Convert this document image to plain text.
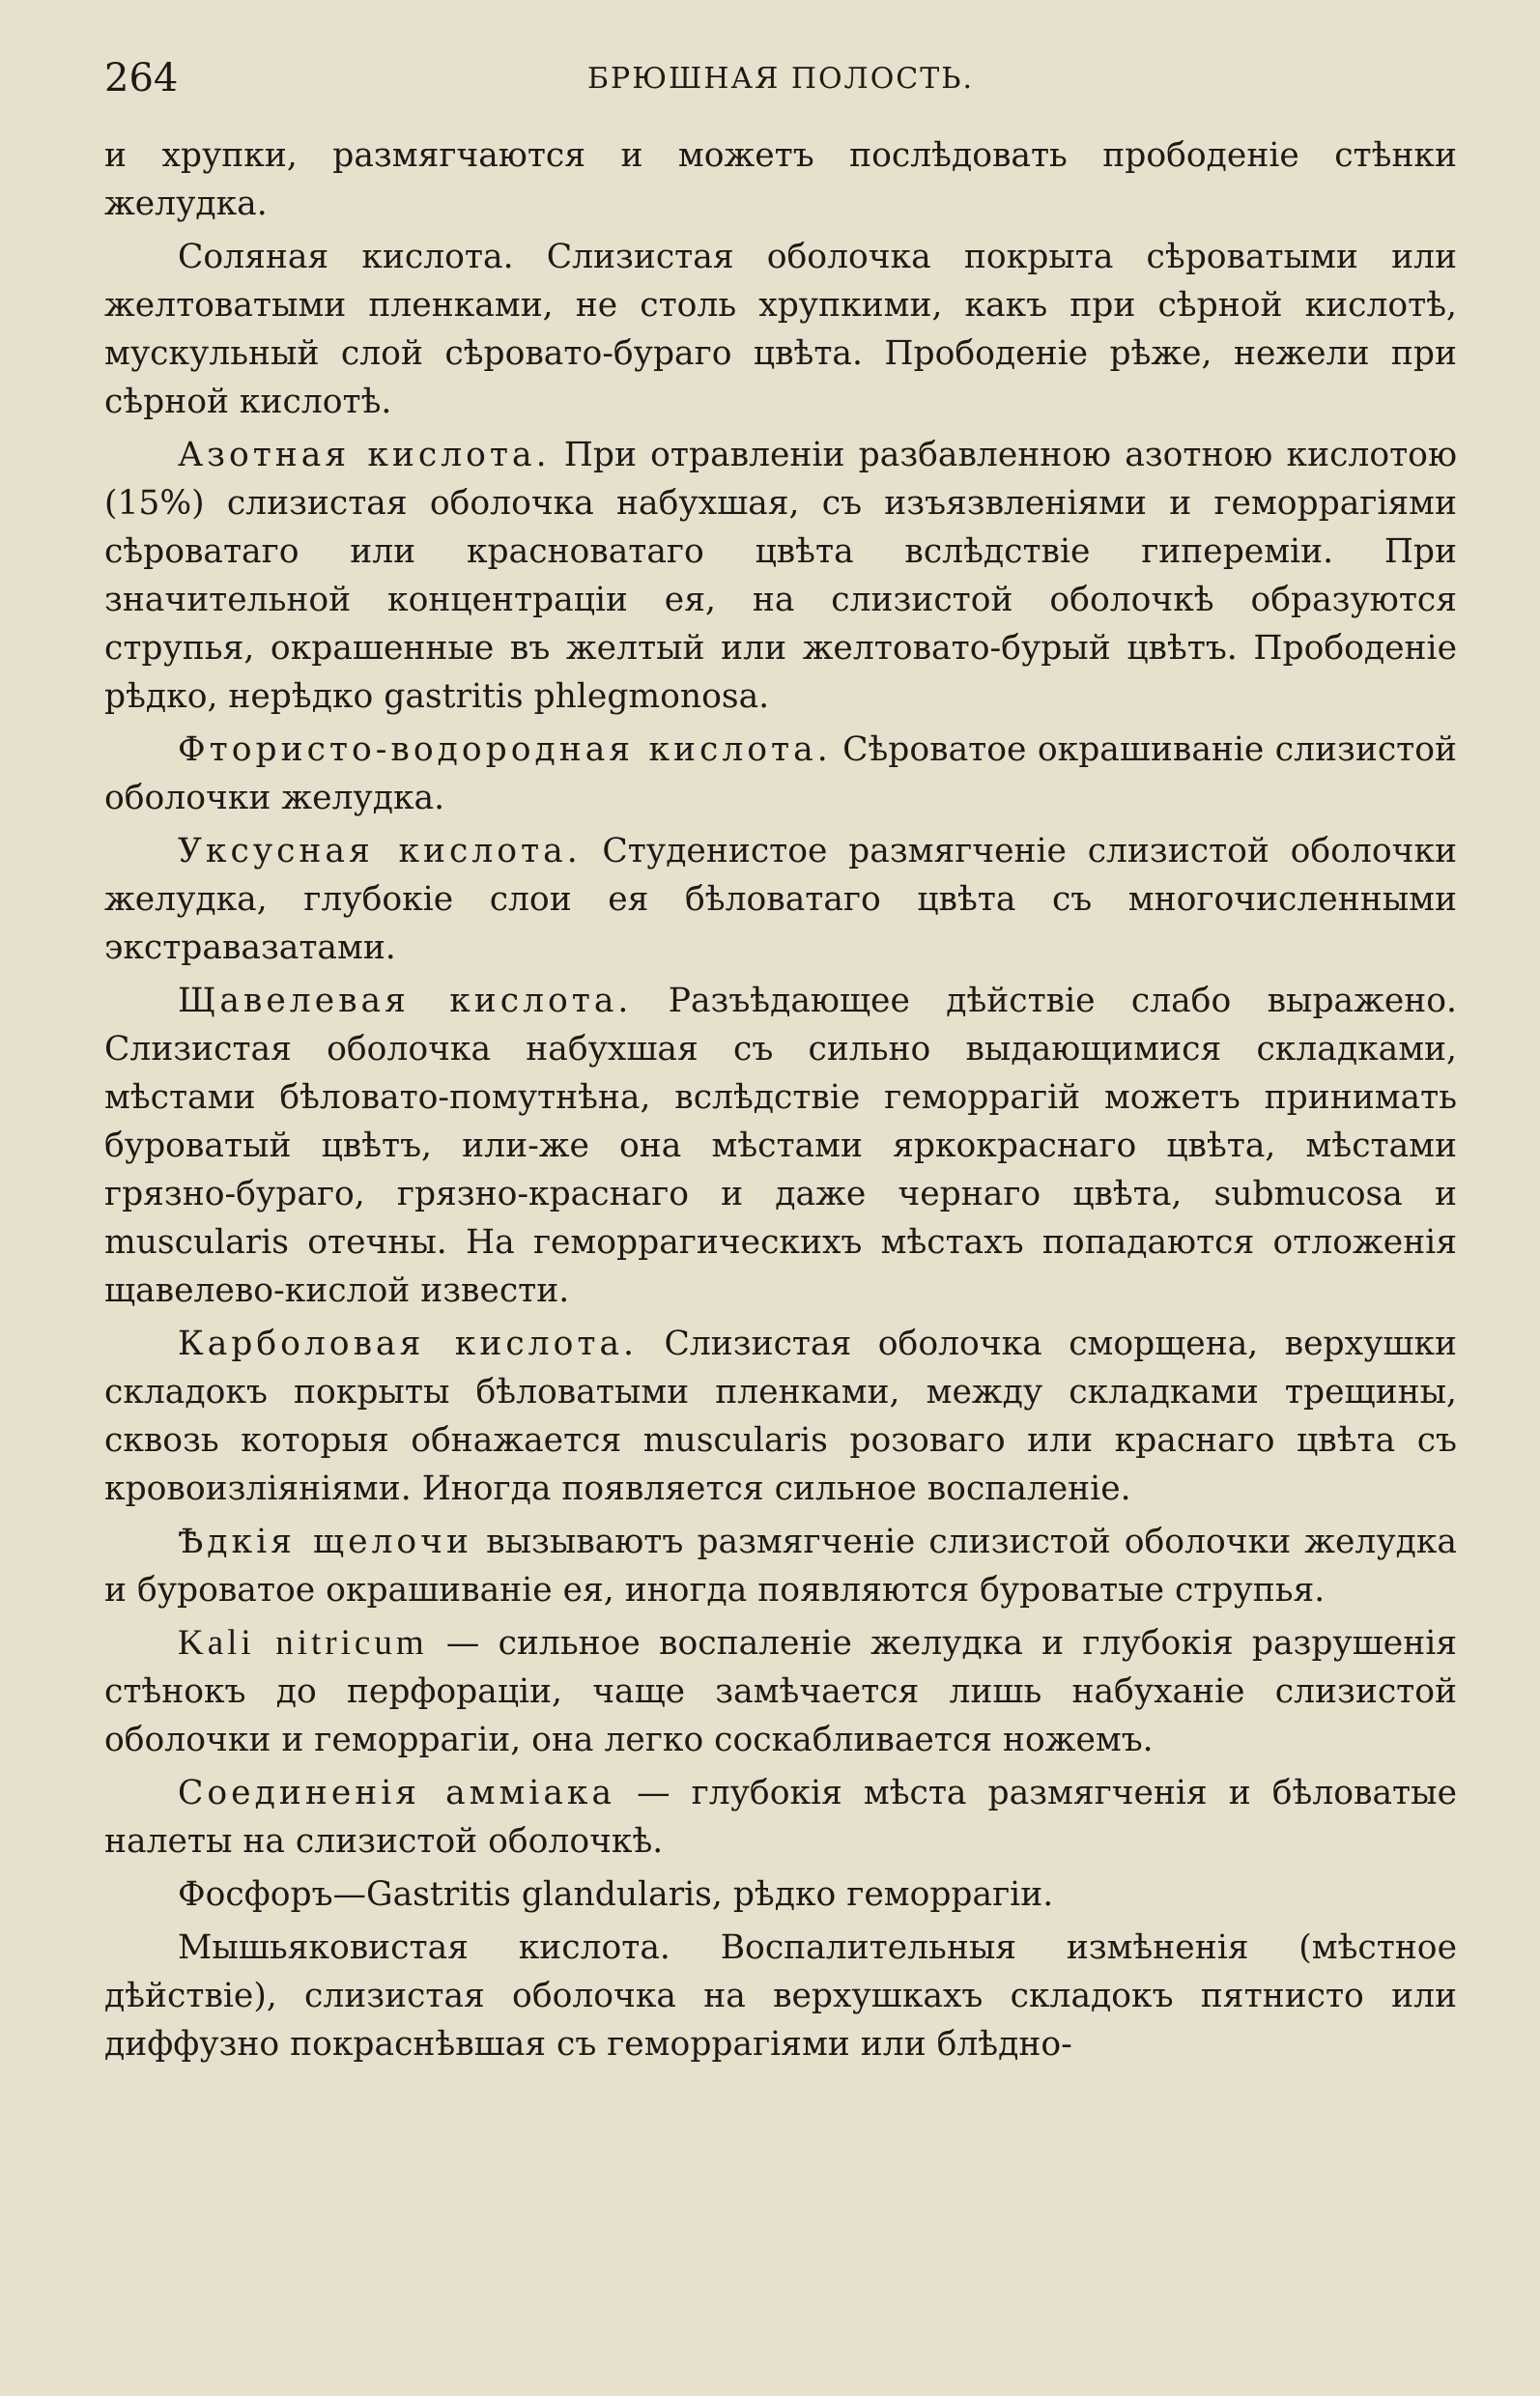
264	БРЮШНАЯ ПОЛОСТЬ.

и хрупки, размягчаются и можетъ послѣдовать прободенiе стѣнки желудка.

Соляная кислота. Слизистая оболочка покрыта сѣроватыми или желтоватыми пленками, не столь хрупкими, какъ при сѣрной кислотѣ, мускульный слой сѣровато-бураго цвѣта. Прободенiе рѣже, нежели при сѣрной кислотѣ.

Азотная кислота. При отравленiи разбавленною азотною кислотою (15%) слизистая оболочка набухшая, съ изъязвленiями и геморрагiями сѣроватаго или красноватаго цвѣта вслѣдствiе гиперемiи. При значительной концентрацiи ея, на слизистой оболочкѣ образуются струпья, окрашенные въ желтый или желтовато-бурый цвѣтъ. Прободенiе рѣдко, нерѣдко gastritis phlegmonosa.

Фтористо-водородная кислота. Сѣроватое окрашиванiе слизистой оболочки желудка.

Уксусная кислота. Студенистое размягченiе слизистой оболочки желудка, глубокiе слои ея бѣловатаго цвѣта съ многочисленными экстравазатами.

Щавелевая кислота. Разъѣдающее дѣйствiе слабо выражено. Слизистая оболочка набухшая съ сильно выдающимися складками, мѣстами бѣловато-помутнѣна, вслѣдствiе геморрагiй можетъ принимать буроватый цвѣтъ, или-же она мѣстами яркокраснаго цвѣта, мѣстами грязно-бураго, грязно-краснаго и даже чернаго цвѣта, submucosa и muscularis отечны. На геморрагическихъ мѣстахъ попадаются отложенiя щавелево-кислой извести.

Карболовая кислота. Слизистая оболочка сморщена, верхушки складокъ покрыты бѣловатыми пленками, между складками трещины, сквозь которыя обнажается muscularis розоваго или краснаго цвѣта съ кровоизлiянiями. Иногда появляется сильное воспаленiе.

Ѣдкiя щелочи вызываютъ размягченiе слизистой оболочки желудка и буроватое окрашиванiе ея, иногда появляются буроватые струпья.

Kali nitricum — сильное воспаленiе желудка и глубокiя разрушенiя стѣнокъ до перфорацiи, чаще замѣчается лишь набуханiе слизистой оболочки и геморрагiи, она легко соскабливается ножемъ.

Соединенiя амміака — глубокiя мѣста размягченiя и бѣловатые налеты на слизистой оболочкѣ.

Фосфоръ—Gastritis glandularis, рѣдко геморрагiи.

Мышьяковистая кислота. Воспалительныя измѣненiя (мѣстное дѣйствiе), слизистая оболочка на верхушкахъ складокъ пятнисто или диффузно покраснѣвшая съ геморрагiями или блѣдно-
